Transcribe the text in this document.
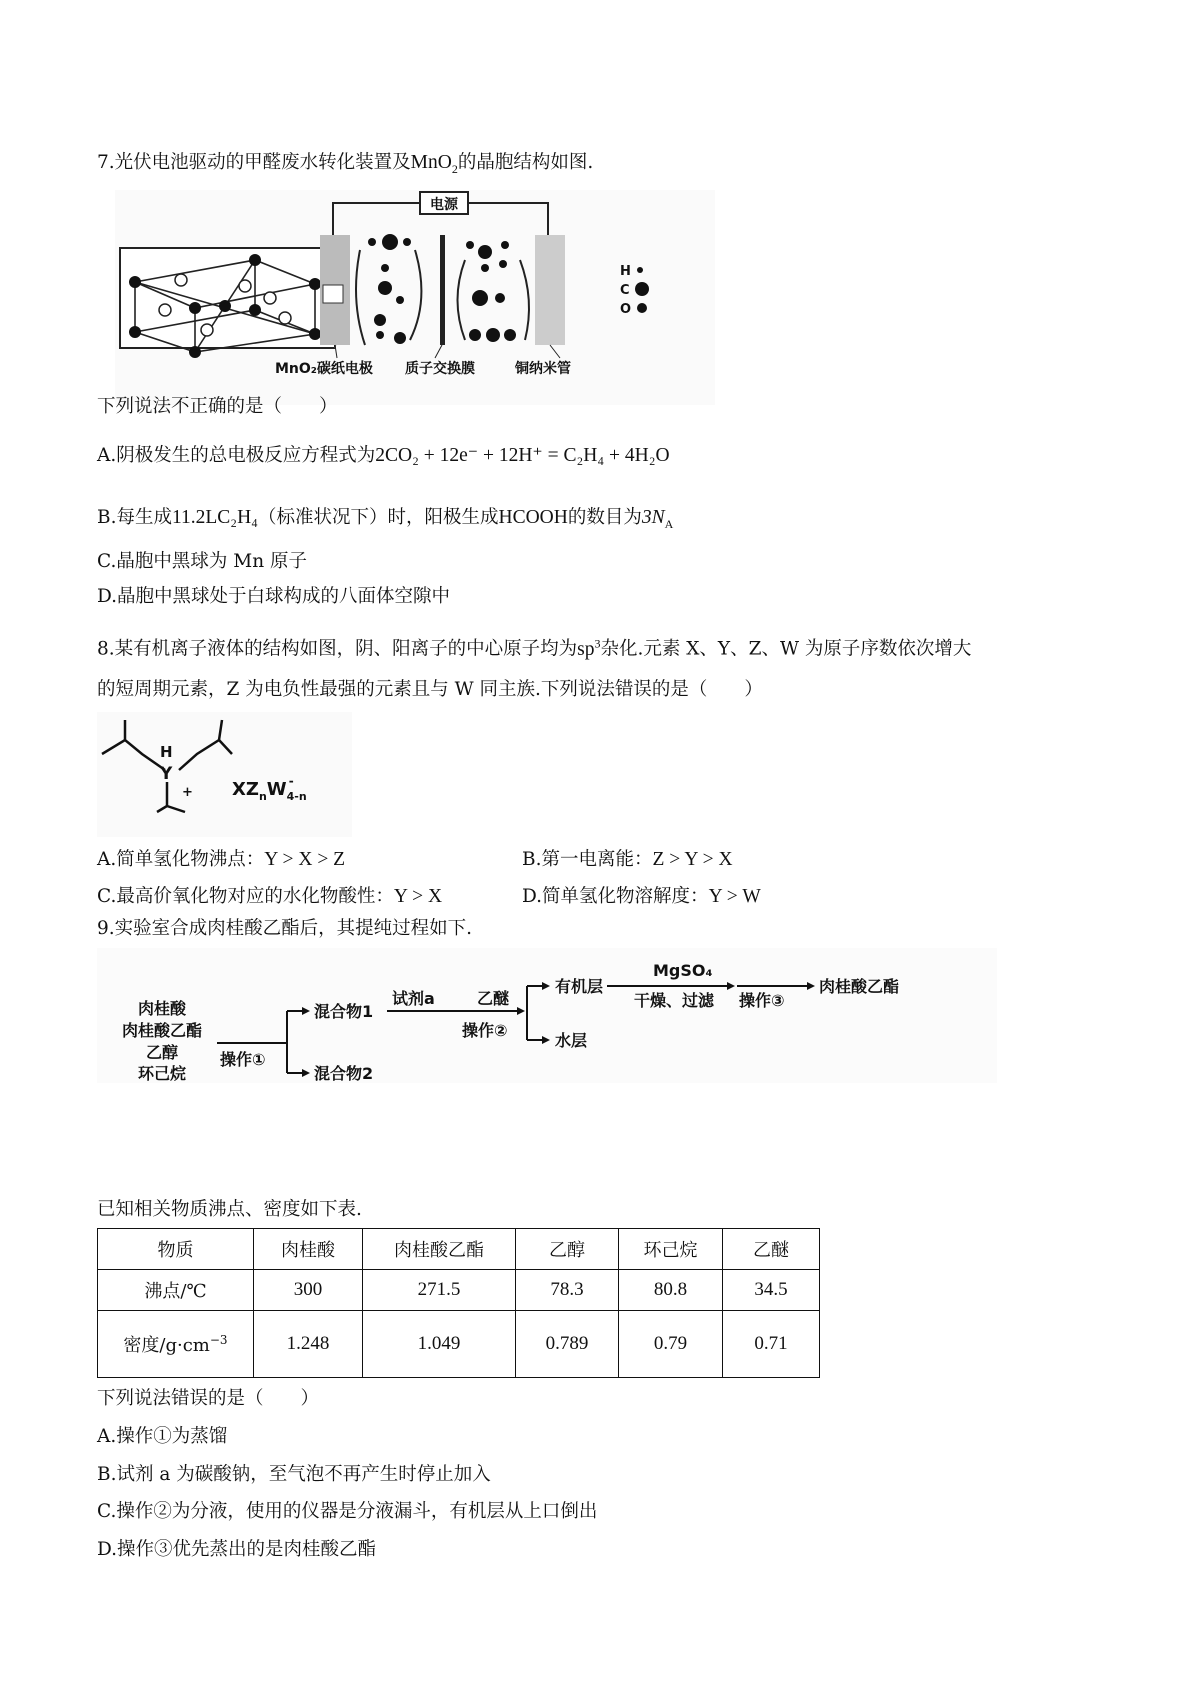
7.光伏电池驱动的甲醛废水转化装置及MnO$_2$的晶胞结构如图.
电源
MnO₂碳纸电极 质子交换膜	铜纳米管
H
C
O
下列说法不正确的是（　　）
A.阴极发生的总电极反应方程式为2CO₂ + 12e⁻ + 12H⁺ = C₂H₄ + 4H₂O
B.每生成11.2LC₂H₄（标准状况下）时，阳极生成HCOOH的数目为$3N_A$
C.晶胞中黑球为 Mn 原子
D.晶胞中黑球处于白球构成的八面体空隙中
8.某有机离子液体的结构如图，阴、阳离子的中心原子均为$sp^3$杂化.元素 X、Y、Z、W 为原子序数依次增大
的短周期元素，Z 为电负性最强的元素且与 W 同主族.下列说法错误的是（　　）
H
Y
+ $XZ_nW_{4-n}-$
A.简单氢化物沸点：Y > X > Z	B.第一电离能：Z > Y > X
C.最高价氧化物对应的水化物酸性：Y > X	D.简单氢化物溶解度：Y > W
9.实验室合成肉桂酸乙酯后，其提纯过程如下.
肉桂酸
肉桂酸乙酯
乙醇
环己烷
操作①
混合物1
混合物2
试剂a	乙醚
操作②
有机层
水层
MgSO₄
干燥、过滤 操作③
肉桂酸乙酯
已知相关物质沸点、密度如下表.
物质	肉桂酸	肉桂酸乙酯	乙醇	环己烷	乙醚
沸点/℃	300	271.5	78.3	80.8	34.5
密度$/g\cdot cm^{-3}$	1.248	1.049	0.789	0.79	0.71
下列说法错误的是（　　）
A.操作①为蒸馏
B.试剂 a 为碳酸钠，至气泡不再产生时停止加入
C.操作②为分液，使用的仪器是分液漏斗，有机层从上口倒出
D.操作③优先蒸出的是肉桂酸乙酯
